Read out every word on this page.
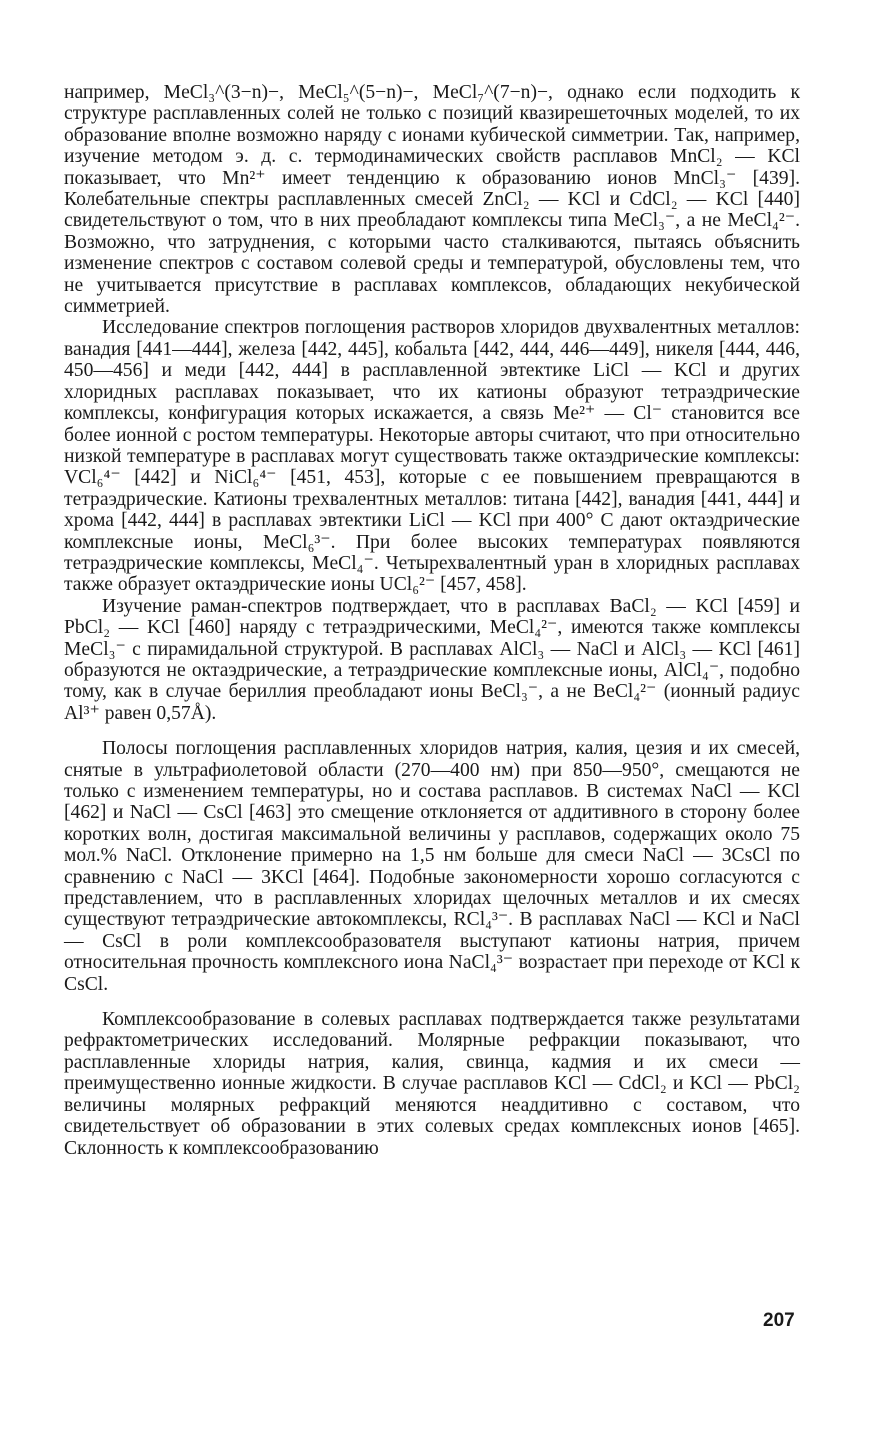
например, MeCl₃^(3−n)−, MeCl₅^(5−n)−, MeCl₇^(7−n)−, однако если подходить к структуре расплавленных солей не только с позиций квазирешеточных моделей, то их образование вполне возможно наряду с ионами кубической симметрии. Так, например, изучение методом э. д. с. термодинамических свойств расплавов MnCl₂ — KCl показывает, что Mn²⁺ имеет тенденцию к образованию ионов MnCl₃⁻ [439]. Колебательные спектры расплавленных смесей ZnCl₂ — KCl и CdCl₂ — KCl [440] свидетельствуют о том, что в них преобладают комплексы типа MeCl₃⁻, а не MeCl₄²⁻. Возможно, что затруднения, с которыми часто сталкиваются, пытаясь объяснить изменение спектров с составом солевой среды и температурой, обусловлены тем, что не учитывается присутствие в расплавах комплексов, обладающих некубической симметрией.

Исследование спектров поглощения растворов хлоридов двухвалентных металлов: ванадия [441—444], железа [442, 445], кобальта [442, 444, 446—449], никеля [444, 446, 450—456] и меди [442, 444] в расплавленной эвтектике LiCl — KCl и других хлоридных расплавах показывает, что их катионы образуют тетраэдрические комплексы, конфигурация которых искажается, а связь Me²⁺ — Cl⁻ становится все более ионной с ростом температуры. Некоторые авторы считают, что при относительно низкой температуре в расплавах могут существовать также октаэдрические комплексы: VCl₆⁴⁻ [442] и NiCl₆⁴⁻ [451, 453], которые с ее повышением превращаются в тетраэдрические. Катионы трехвалентных металлов: титана [442], ванадия [441, 444] и хрома [442, 444] в расплавах эвтектики LiCl — KCl при 400° C дают октаэдрические комплексные ионы, MeCl₆³⁻. При более высоких температурах появляются тетраэдрические комплексы, MeCl₄⁻. Четырехвалентный уран в хлоридных расплавах также образует октаэдрические ионы UCl₆²⁻ [457, 458].

Изучение раман-спектров подтверждает, что в расплавах BaCl₂ — KCl [459] и PbCl₂ — KCl [460] наряду с тетраэдрическими, MeCl₄²⁻, имеются также комплексы MeCl₃⁻ с пирамидальной структурой. В расплавах AlCl₃ — NaCl и AlCl₃ — KCl [461] образуются не октаэдрические, а тетраэдрические комплексные ионы, AlCl₄⁻, подобно тому, как в случае бериллия преобладают ионы BeCl₃⁻, а не BeCl₄²⁻ (ионный радиус Al³⁺ равен 0,57Å).

Полосы поглощения расплавленных хлоридов натрия, калия, цезия и их смесей, снятые в ультрафиолетовой области (270—400 нм) при 850—950°, смещаются не только с изменением температуры, но и состава расплавов. В системах NaCl — KCl [462] и NaCl — CsCl [463] это смещение отклоняется от аддитивного в сторону более коротких волн, достигая максимальной величины у расплавов, содержащих около 75 мол.% NaCl. Отклонение примерно на 1,5 нм больше для смеси NaCl — 3CsCl по сравнению с NaCl — 3KCl [464]. Подобные закономерности хорошо согласуются с представлением, что в расплавленных хлоридах щелочных металлов и их смесях существуют тетраэдрические автокомплексы, RCl₄³⁻. В расплавах NaCl — KCl и NaCl — CsCl в роли комплексообразователя выступают катионы натрия, причем относительная прочность комплексного иона NaCl₄³⁻ возрастает при переходе от KCl к CsCl.

Комплексообразование в солевых расплавах подтверждается также результатами рефрактометрических исследований. Молярные рефракции показывают, что расплавленные хлориды натрия, калия, свинца, кадмия и их смеси — преимущественно ионные жидкости. В случае расплавов KCl — CdCl₂ и KCl — PbCl₂ величины молярных рефракций меняются неаддитивно с составом, что свидетельствует об образовании в этих солевых средах комплексных ионов [465]. Склонность к комплексообразованию

207
